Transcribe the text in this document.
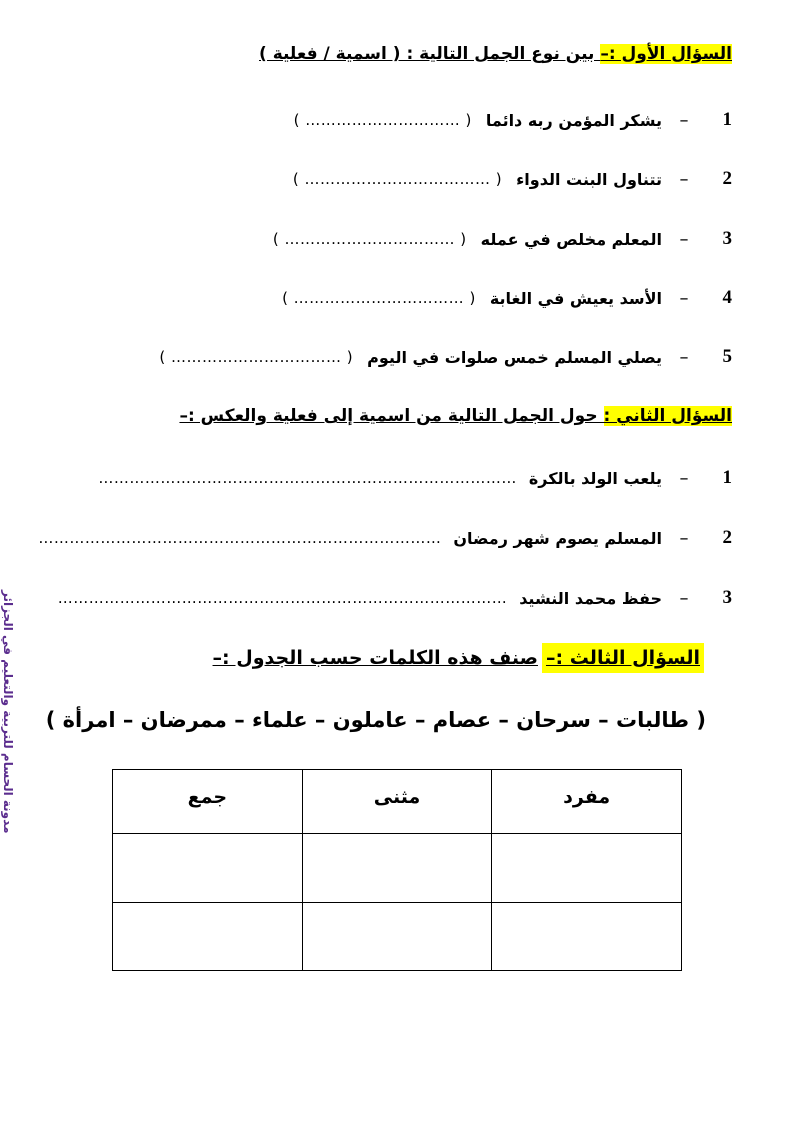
السؤال الأول :– بين نوع الجمل التالية : ( اسمية / فعلية )
1
–
يشكر المؤمن ربه دائما
( ………………………… )
2
–
تتناول البنت الدواء
( ……………………………… )
3
–
المعلم مخلص في عمله
( …………………………… )
4
–
الأسد يعيش في الغابة
( …………………………… )
5
–
يصلي المسلم خمس صلوات في اليوم
( …………………………… )
السؤال الثاني : حول الجمل التالية من اسمية إلى فعلية والعكس :–
1
–
يلعب الولد بالكرة
………………………………………………………………………
2
–
المسلم يصوم شهر رمضان
……………………………………………………………………
3
–
حفظ محمد النشيد
……………………………………………………………………………
السؤال الثالث :–
صنف هذه الكلمات حسب الجدول :–
( طالبات – سرحان – عصام – عاملون – علماء – ممرضان – امرأة )
جمع	مثنى	مفرد

مدونة الحسام للتربية والتعليم في الجزائر
